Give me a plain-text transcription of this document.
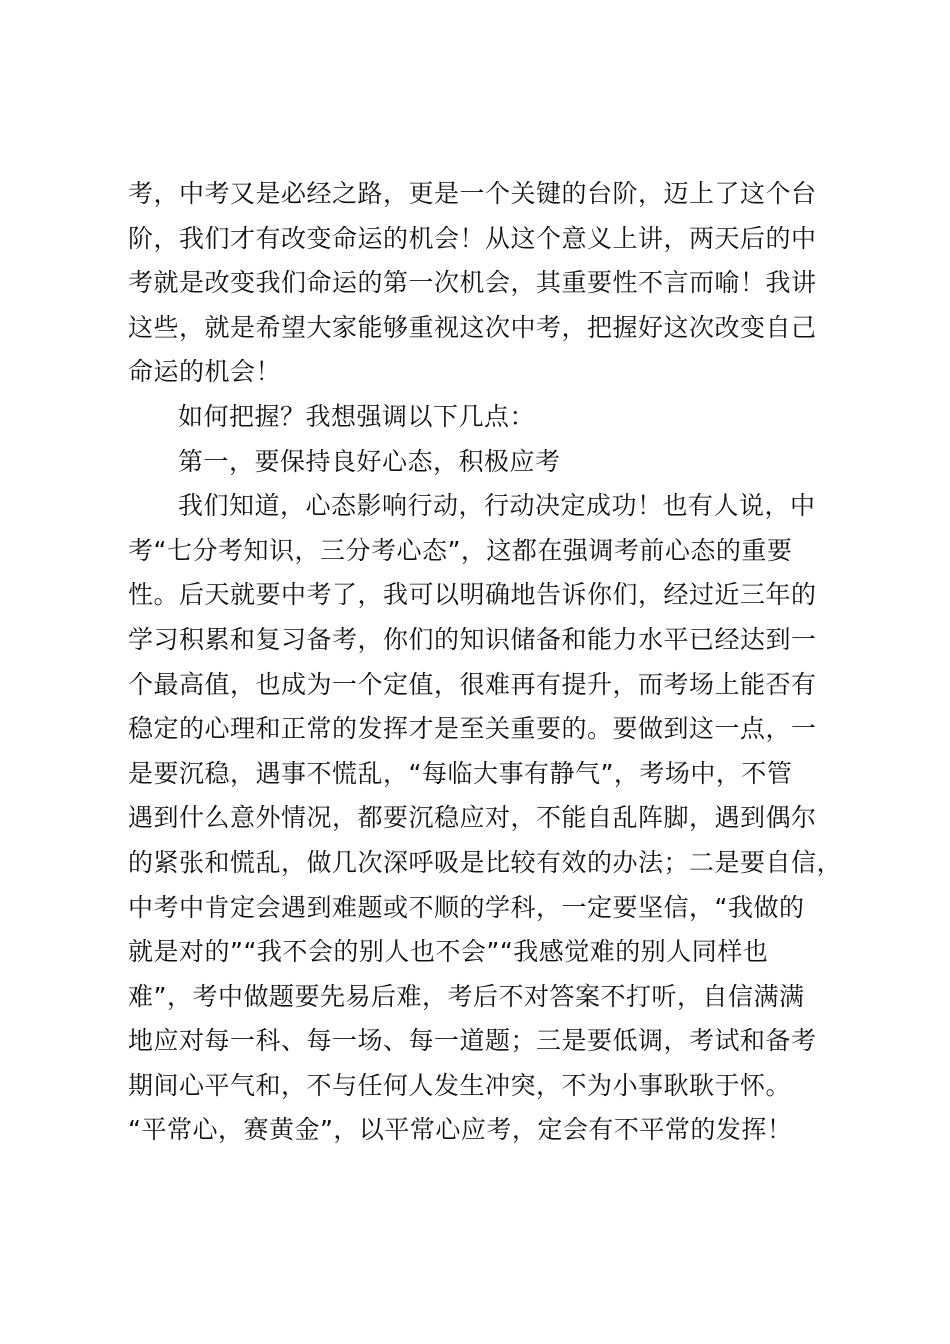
考，中考又是必经之路，更是一个关键的台阶，迈上了这个台
阶，我们才有改变命运的机会！从这个意义上讲，两天后的中
考就是改变我们命运的第一次机会，其重要性不言而喻！我讲
这些，就是希望大家能够重视这次中考，把握好这次改变自己
命运的机会！
如何把握？我想强调以下几点：
第一，要保持良好心态，积极应考
我们知道，心态影响行动，行动决定成功！也有人说，中
考“七分考知识，三分考心态”，这都在强调考前心态的重要
性。后天就要中考了，我可以明确地告诉你们，经过近三年的
学习积累和复习备考，你们的知识储备和能力水平已经达到一
个最高值，也成为一个定值，很难再有提升，而考场上能否有
稳定的心理和正常的发挥才是至关重要的。要做到这一点，一
是要沉稳，遇事不慌乱，“每临大事有静气”，考场中，不管
遇到什么意外情况，都要沉稳应对，不能自乱阵脚，遇到偶尔
的紧张和慌乱，做几次深呼吸是比较有效的办法；二是要自信，
中考中肯定会遇到难题或不顺的学科，一定要坚信，“我做的
就是对的”“我不会的别人也不会”“我感觉难的别人同样也
难”，考中做题要先易后难，考后不对答案不打听，自信满满
地应对每一科、每一场、每一道题；三是要低调，考试和备考
期间心平气和，不与任何人发生冲突，不为小事耿耿于怀。
“平常心，赛黄金”，以平常心应考，定会有不平常的发挥！
